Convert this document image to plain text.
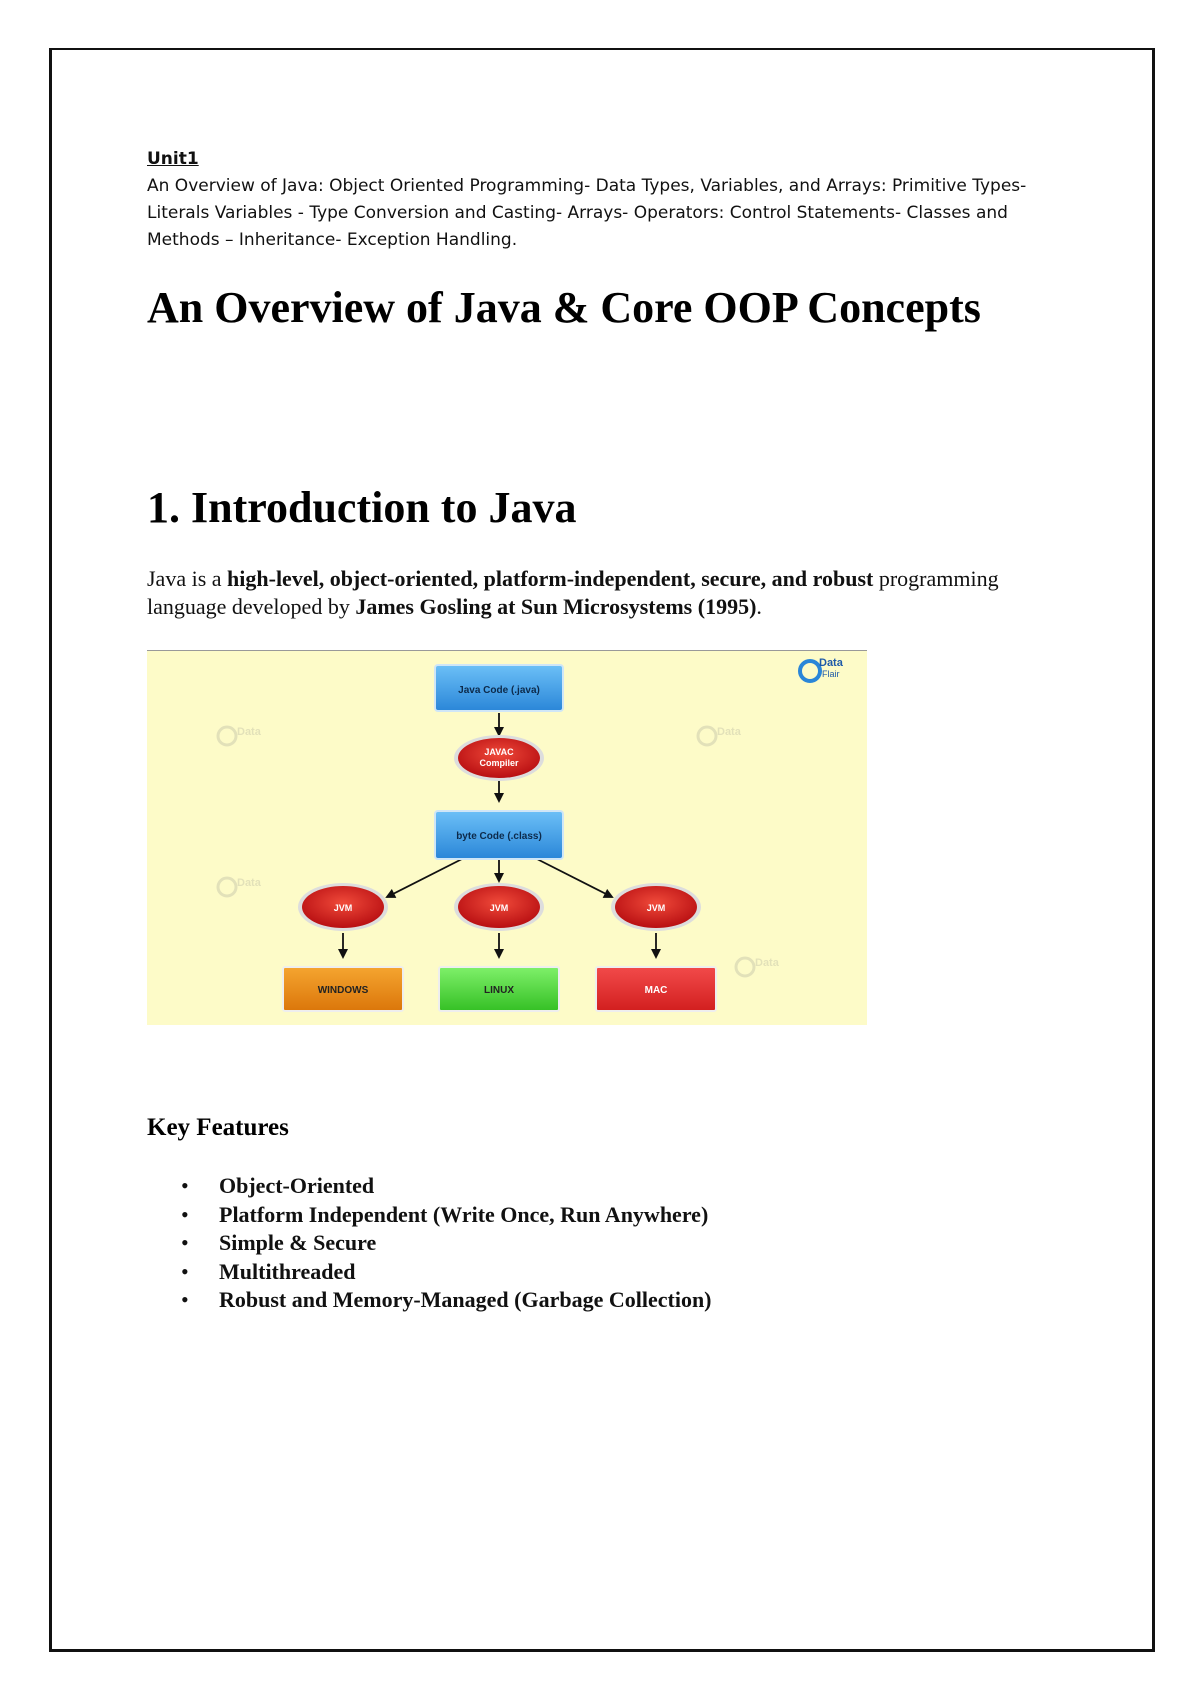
Unit1
An Overview of Java: Object Oriented Programming- Data Types, Variables, and Arrays: Primitive Types-Literals Variables - Type Conversion and Casting- Arrays- Operators: Control Statements- Classes and Methods – Inheritance- Exception Handling.
An Overview of Java & Core OOP Concepts
1. Introduction to Java

Java is a high-level, object-oriented, platform-independent, secure, and robust programming language developed by James Gosling at Sun Microsystems (1995).

Data
Flair
Data	Data
Data
Data
Java Code (.java)
JAVAC
Compiler
byte Code (.class)
JVM	JVM	JVM
WINDOWS	LINUX	MAC
Key Features
• Object-Oriented
• Platform Independent (Write Once, Run Anywhere)
• Simple & Secure
• Multithreaded
• Robust and Memory-Managed (Garbage Collection)
